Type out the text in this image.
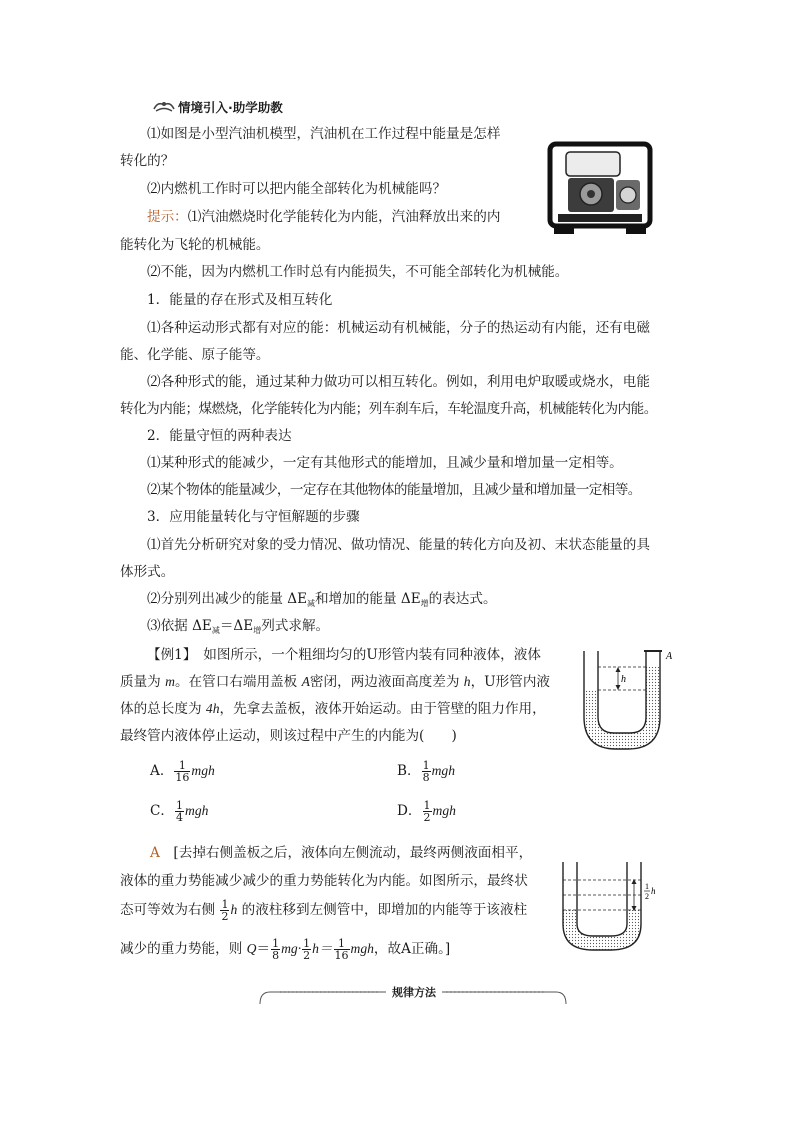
情境引入·助学助教
⑴如图是小型汽油机模型，汽油机在工作过程中能量是怎样
转化的？
⑵内燃机工作时可以把内能全部转化为机械能吗？
提示：⑴汽油燃烧时化学能转化为内能，汽油释放出来的内
能转化为飞轮的机械能。
⑵不能，因为内燃机工作时总有内能损失，不可能全部转化为机械能。
1．能量的存在形式及相互转化
⑴各种运动形式都有对应的能：机械运动有机械能，分子的热运动有内能，还有电磁
能、化学能、原子能等。
⑵各种形式的能，通过某种力做功可以相互转化。例如，利用电炉取暖或烧水，电能
转化为内能；煤燃烧，化学能转化为内能；列车刹车后，车轮温度升高，机械能转化为内能。
2．能量守恒的两种表达
⑴某种形式的能减少，一定有其他形式的能增加，且减少量和增加量一定相等。
⑵某个物体的能量减少，一定存在其他物体的能量增加，且减少量和增加量一定相等。
3．应用能量转化与守恒解题的步骤
⑴首先分析研究对象的受力情况、做功情况、能量的转化方向及初、末状态能量的具
体形式。
⑵分别列出减少的能量 $\Delta E_减$和增加的能量 $\Delta E_增$的表达式。
⑶依据 $\Delta E_减=\Delta E_增$列式求解。
【例1】　 如图所示，一个粗细均匀的U形管内装有同种液体，液体
质量为 m。在管口右端用盖板 A密闭，两边液面高度差为 h，U形管内液
体的总长度为 4h，先拿去盖板，液体开始运动。由于管壁的阻力作用，
最终管内液体停止运动，则该过程中产生的内能为(　　)
A
h
A． $\frac{1}{16}$ mgh	B． $\frac{1}{8}$ mgh
C． $\frac{1}{4}$ mgh	D． $\frac{1}{2}$ mgh
A　 [去掉右侧盖板之后，液体向左侧流动，最终两侧液面相平，
液体的重力势能减少减少的重力势能转化为内能。如图所示，最终状
态可等效为右侧 $\frac{1}{2}$ h 的液柱移到左侧管中，即增加的内能等于该液柱
减少的重力势能，则 $Q= \frac{1}{8} mg\cdot \frac{1}{2} h= \frac{1}{16}$ mgh，故A正确。]
1
2
h
规律方法
